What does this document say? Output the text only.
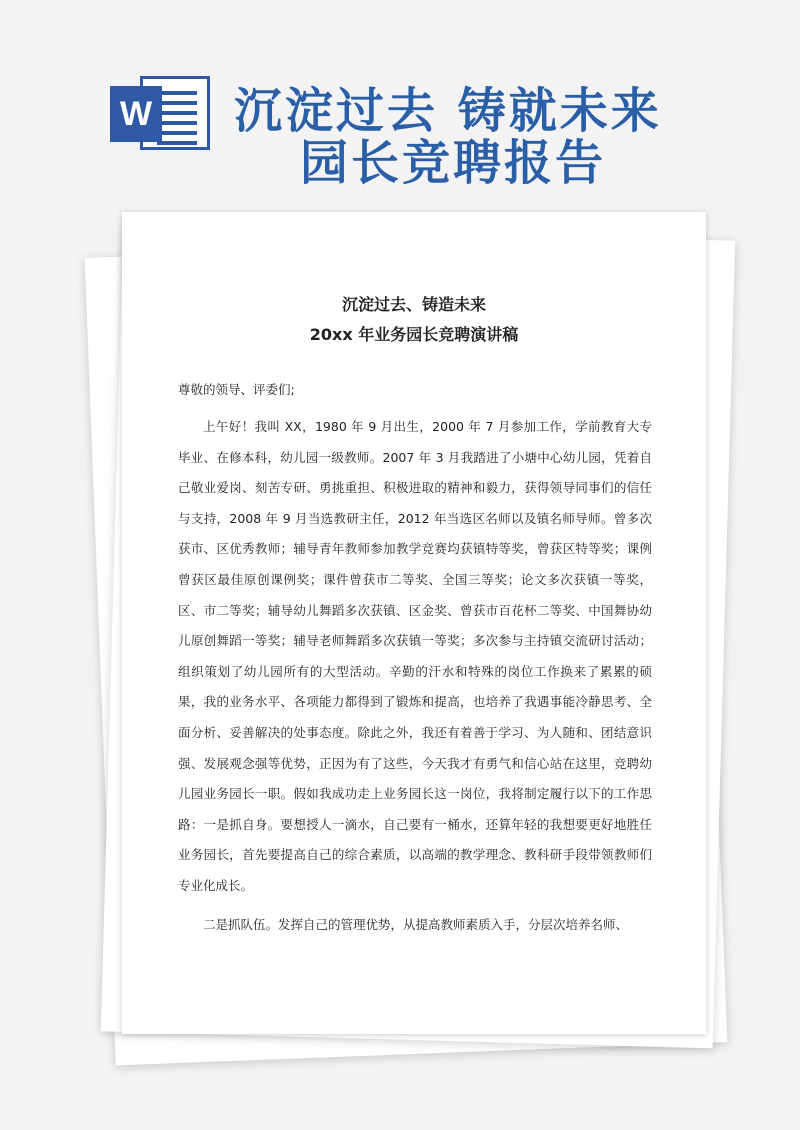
W 沉淀过去 铸就未来
园长竞聘报告
沉淀过去、铸造未来
20xx 年业务园长竞聘演讲稿
尊敬的领导、评委们;

上午好！我叫 XX，1980 年 9 月出生，2000 年 7 月参加工作，学前教育大专毕业、在修本科，幼儿园一级教师。2007 年 3 月我踏进了小塘中心幼儿园，凭着自己敬业爱岗、刻苦专研、勇挑重担、积极进取的精神和毅力，获得领导同事们的信任与支持，2008 年 9 月当选教研主任，2012 年当选区名师以及镇名师导师。曾多次获市、区优秀教师；辅导青年教师参加教学竞赛均获镇特等奖，曾获区特等奖；课例曾获区最佳原创课例奖；课件曾获市二等奖、全国三等奖；论文多次获镇一等奖，区、市二等奖；辅导幼儿舞蹈多次获镇、区金奖、曾获市百花杯二等奖、中国舞协幼儿原创舞蹈一等奖；辅导老师舞蹈多次获镇一等奖；多次参与主持镇交流研讨活动；组织策划了幼儿园所有的大型活动。辛勤的汗水和特殊的岗位工作换来了累累的硕果，我的业务水平、各项能力都得到了锻炼和提高，也培养了我遇事能冷静思考、全面分析、妥善解决的处事态度。除此之外，我还有着善于学习、为人随和、团结意识强、发展观念强等优势，正因为有了这些，今天我才有勇气和信心站在这里，竞聘幼儿园业务园长一职。假如我成功走上业务园长这一岗位，我将制定履行以下的工作思路：一是抓自身。要想授人一滴水，自己要有一桶水，还算年轻的我想要更好地胜任业务园长，首先要提高自己的综合素质，以高端的教学理念、教科研手段带领教师们专业化成长。

二是抓队伍。发挥自己的管理优势，从提高教师素质入手，分层次培养名师、
